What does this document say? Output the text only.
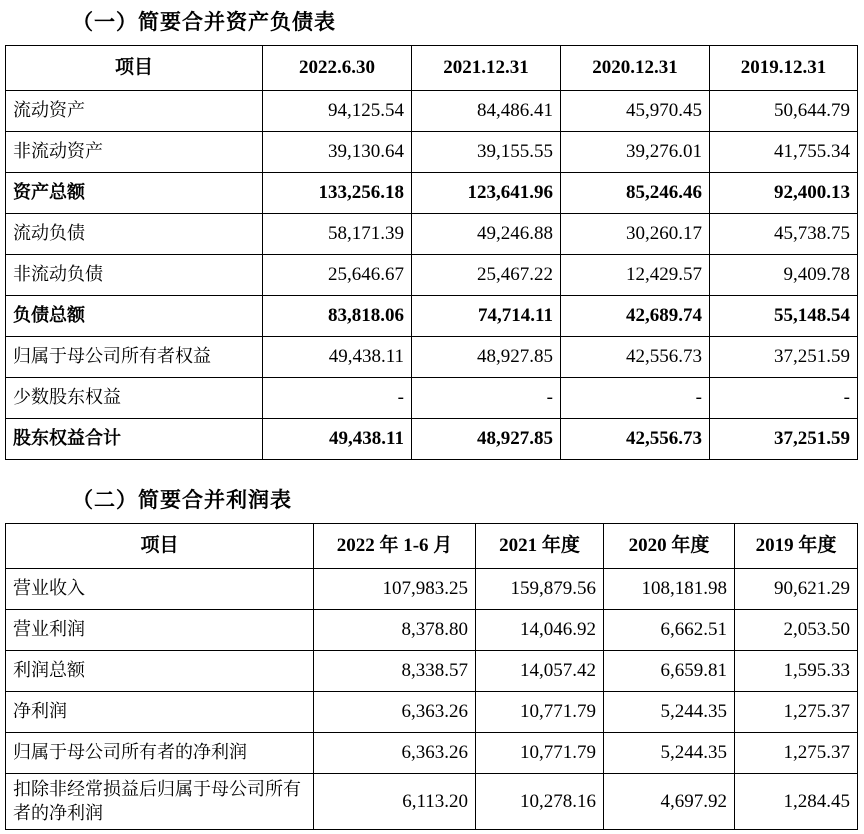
（一）简要合并资产负债表
项目	2022.6.30	2021.12.31	2020.12.31	2019.12.31
流动资产	94,125.54	84,486.41	45,970.45	50,644.79
非流动资产	39,130.64	39,155.55	39,276.01	41,755.34
资产总额	133,256.18	123,641.96	85,246.46	92,400.13
流动负债	58,171.39	49,246.88	30,260.17	45,738.75
非流动负债	25,646.67	25,467.22	12,429.57	9,409.78
负债总额	83,818.06	74,714.11	42,689.74	55,148.54
归属于母公司所有者权益	49,438.11	48,927.85	42,556.73	37,251.59
少数股东权益	-	-	-	-
股东权益合计	49,438.11	48,927.85	42,556.73	37,251.59
（二）简要合并利润表
项目	2022 年 1-6 月	2021 年度	2020 年度	2019 年度
营业收入	107,983.25	159,879.56	108,181.98	90,621.29
营业利润	8,378.80	14,046.92	6,662.51	2,053.50
利润总额	8,338.57	14,057.42	6,659.81	1,595.33
净利润	6,363.26	10,771.79	5,244.35	1,275.37
归属于母公司所有者的净利润	6,363.26	10,771.79	5,244.35	1,275.37
扣除非经常损益后归属于母公司所有者的净利润	6,113.20	10,278.16	4,697.92	1,284.45
